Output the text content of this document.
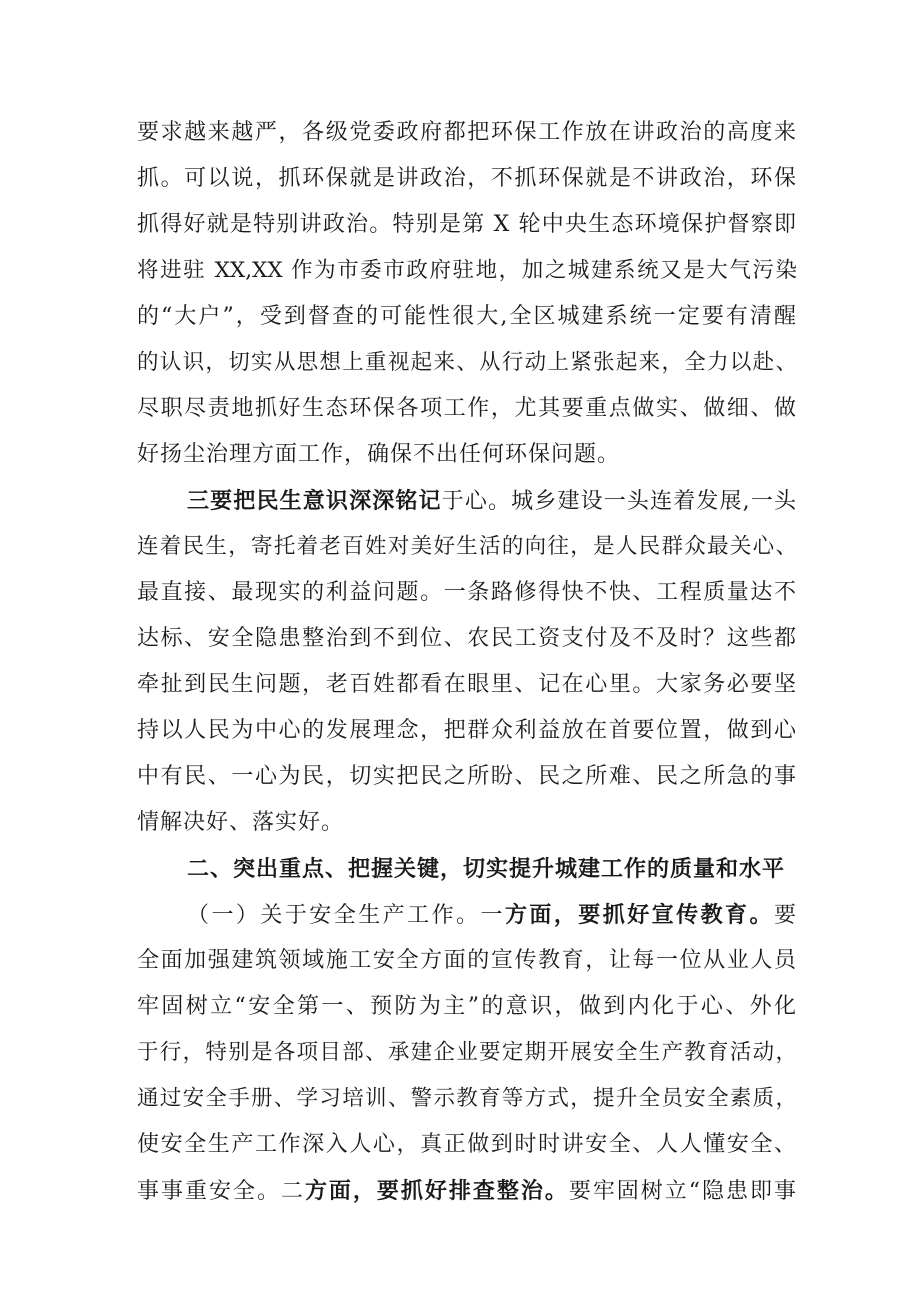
要求越来越严，各级党委政府都把环保工作放在讲政治的高度来
抓。可以说，抓环保就是讲政治，不抓环保就是不讲政治，环保
抓得好就是特别讲政治。特别是第 X 轮中央生态环境保护督察即
将进驻 XX,XX 作为市委市政府驻地，加之城建系统又是大气污染
的“大户”，受到督查的可能性很大,全区城建系统一定要有清醒
的认识，切实从思想上重视起来、从行动上紧张起来，全力以赴、
尽职尽责地抓好生态环保各项工作，尤其要重点做实、做细、做
好扬尘治理方面工作，确保不出任何环保问题。
三要把民生意识深深铭记于心。城乡建设一头连着发展,一头
连着民生，寄托着老百姓对美好生活的向往，是人民群众最关心、
最直接、最现实的利益问题。一条路修得快不快、工程质量达不
达标、安全隐患整治到不到位、农民工资支付及不及时？这些都
牵扯到民生问题，老百姓都看在眼里、记在心里。大家务必要坚
持以人民为中心的发展理念，把群众利益放在首要位置，做到心
中有民、一心为民，切实把民之所盼、民之所难、民之所急的事
情解决好、落实好。
二、突出重点、把握关键，切实提升城建工作的质量和水平
（一）关于安全生产工作。一方面，要抓好宣传教育。要
全面加强建筑领域施工安全方面的宣传教育，让每一位从业人员
牢固树立“安全第一、预防为主”的意识，做到内化于心、外化
于行，特别是各项目部、承建企业要定期开展安全生产教育活动，
通过安全手册、学习培训、警示教育等方式，提升全员安全素质，
使安全生产工作深入人心，真正做到时时讲安全、人人懂安全、
事事重安全。二方面，要抓好排查整治。要牢固树立“隐患即事
